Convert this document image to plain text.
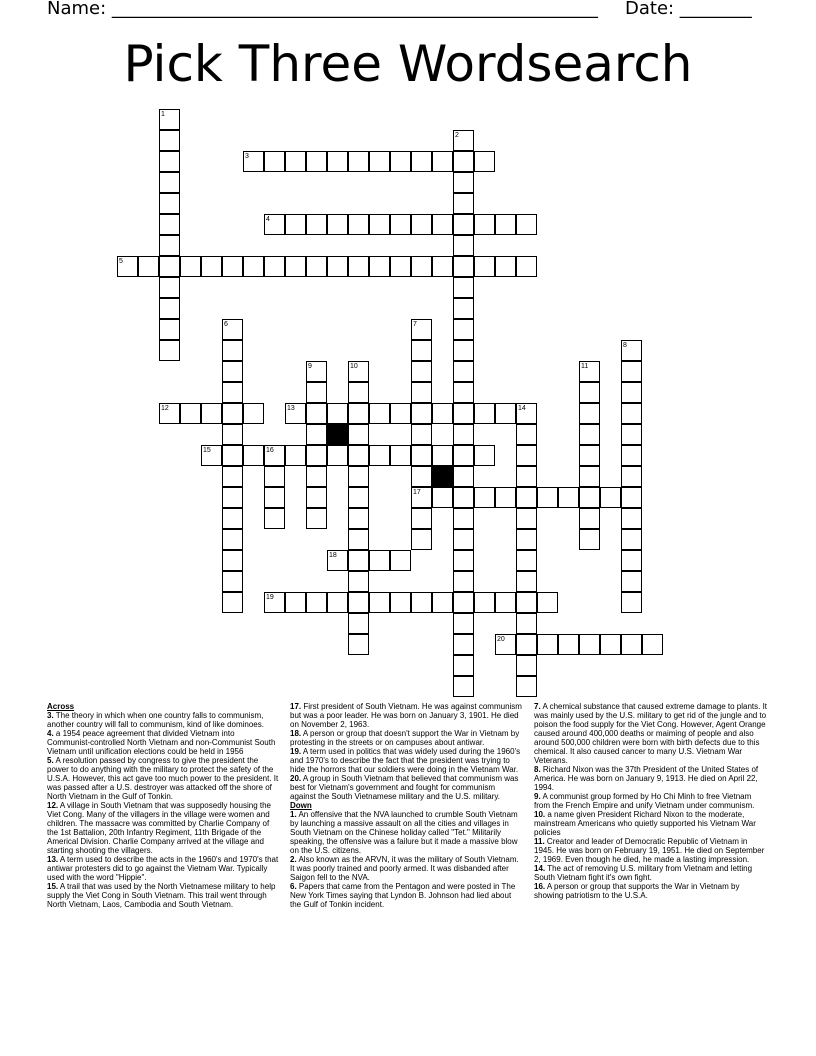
Name: ______________________________________________________ Date: ________
Pick Three Wordsearch
1
2
3
4
5
6	7
17
8
9	10	11
12	13	14
15	16
18
19
20
Across
3. The theory in which when one country falls to communism, another country will fall to communism, kind of like dominoes.
4. a 1954 peace agreement that divided Vietnam into Communist-controlled North Vietnam and non-Communist South Vietnam until unification elections could be held in 1956
5. A resolution passed by congress to give the president the power to do anything with the military to protect the safety of the U.S.A. However, this act gave too much power to the president. It was passed after a U.S. destroyer was attacked off the shore of North Vietnam in the Gulf of Tonkin.
12. A village in South Vietnam that was supposedly housing the Viet Cong. Many of the villagers in the village were women and children. The massacre was committed by Charlie Company of the 1st Battalion, 20th Infantry Regiment, 11th Brigade of the Americal Division. Charlie Company arrived at the village and starting shooting the villagers.
13. A term used to describe the acts in the 1960's and 1970's that antiwar protesters did to go against the Vietnam War. Typically used with the word "Hippie".
15. A trail that was used by the North Vietnamese military to help supply the Viet Cong in South Vietnam. This trail went through North Vietnam, Laos, Cambodia and South Vietnam.
17. First president of South Vietnam. He was against communism but was a poor leader. He was born on January 3, 1901. He died on November 2, 1963.
18. A person or group that doesn't support the War in Vietnam by protesting in the streets or on campuses about antiwar.
19. A term used in politics that was widely used during the 1960's and 1970's to describe the fact that the president was trying to hide the horrors that our soldiers were doing in the Vietnam War.
20. A group in South Vietnam that believed that communism was best for Vietnam's government and fought for communism against the South Vietnamese military and the U.S. military.
Down
1. An offensive that the NVA launched to crumble South Vietnam by launching a massive assault on all the cities and villages in South Vietnam on the Chinese holiday called "Tet." Militarily speaking, the offensive was a failure but it made a massive blow on the U.S. citizens.
2. Also known as the ARVN, it was the military of South Vietnam. It was poorly trained and poorly armed. It was disbanded after Saigon fell to the NVA.
6. Papers that came from the Pentagon and were posted in The New York Times saying that Lyndon B. Johnson had lied about the Gulf of Tonkin incident.
7. A chemical substance that caused extreme damage to plants. It was mainly used by the U.S. military to get rid of the jungle and to poison the food supply for the Viet Cong. However, Agent Orange caused around 400,000 deaths or maiming of people and also around 500,000 children were born with birth defects due to this chemical. It also caused cancer to many U.S. Vietnam War Veterans.
8. Richard Nixon was the 37th President of the United States of America. He was born on January 9, 1913. He died on April 22, 1994.
9. A communist group formed by Ho Chi Minh to free Vietnam from the French Empire and unify Vietnam under communism.
10. a name given President Richard Nixon to the moderate, mainstream Americans who quietly supported his Vietnam War policies
11. Creator and leader of Democratic Republic of Vietnam in 1945. He was born on February 19, 1951. He died on September 2, 1969. Even though he died, he made a lasting impression.
14. The act of removing U.S. military from Vietnam and letting South Vietnam fight it's own fight.
16. A person or group that supports the War in Vietnam by showing patriotism to the U.S.A.
